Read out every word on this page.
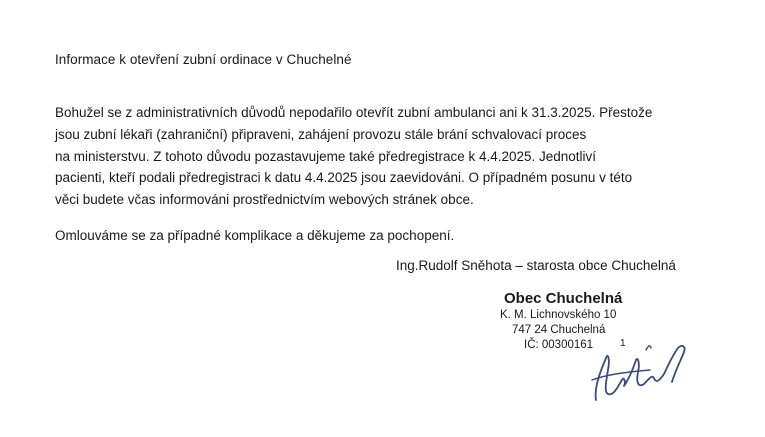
Informace k otevření zubní ordinace v Chuchelné

Bohužel se z administrativních důvodů nepodařilo otevřít zubní ambulanci ani k 31.3.2025. Přestože

jsou zubní lékaři (zahraniční) připraveni, zahájení provozu stále brání schvalovací proces

na ministerstvu. Z tohoto důvodu pozastavujeme také předregistrace k 4.4.2025. Jednotliví

pacienti, kteří podali předregistraci k datu 4.4.2025 jsou zaevidováni. O případném posunu v této

věci budete včas informováni prostřednictvím webových stránek obce.

Omlouváme se za případné komplikace a děkujeme za pochopení.

Ing.Rudolf Sněhota – starosta obce Chuchelná

Obec Chuchelná
K. M. Lichnovského 10
747 24 Chuchelná
IČ: 00300161	1
